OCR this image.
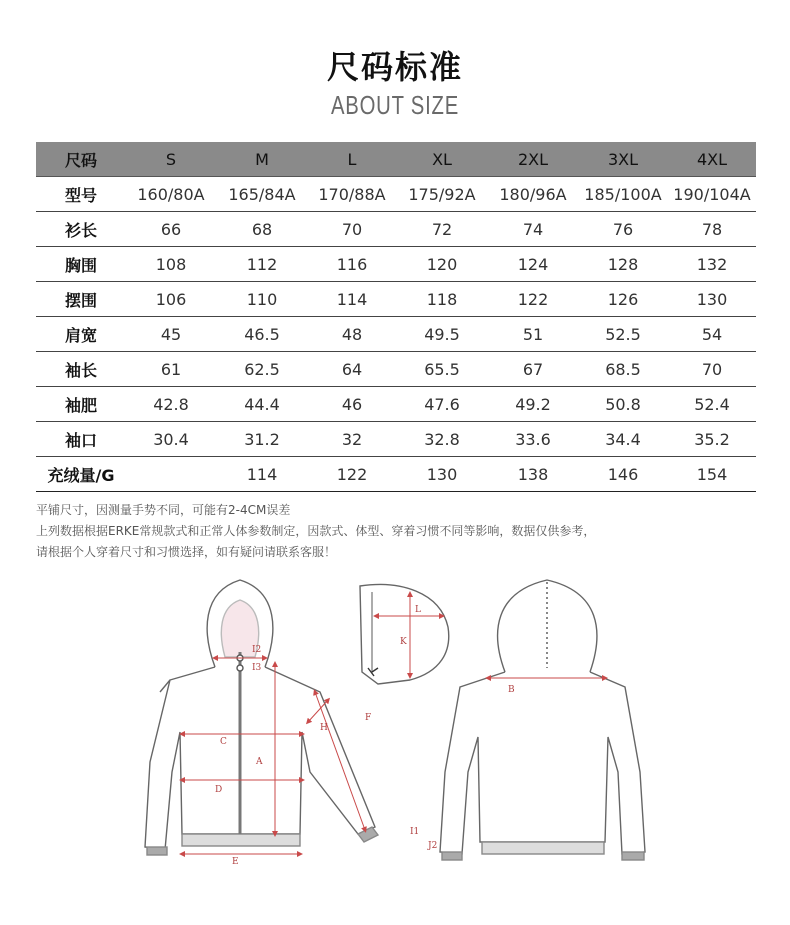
尺码标准
ABOUT SIZE
尺码	S	M	L	XL	2XL	3XL	4XL
型号	160/80A	165/84A	170/88A	175/92A	180/96A	185/100A	190/104A
衫长	66	68	70	72	74	76	78
胸围	108	112	116	120	124	128	132
摆围	106	110	114	118	122	126	130
肩宽	45	46.5	48	49.5	51	52.5	54
袖长	61	62.5	64	65.5	67	68.5	70
袖肥	42.8	44.4	46	47.6	49.2	50.8	52.4
袖口	30.4	31.2	32	32.8	33.6	34.4	35.2
充绒量/G		114	122	130	138	146	154
平铺尺寸，因测量手势不同，可能有2-4CM误差
上列数据根据ERKE常规款式和正常人体参数制定，因款式、体型、穿着习惯不同等影响，数据仅供参考，
请根据个人穿着尺寸和习惯选择，如有疑问请联系客服！
I2
I3
A
C
D
E
F
H
I1
J2
L
K
B
